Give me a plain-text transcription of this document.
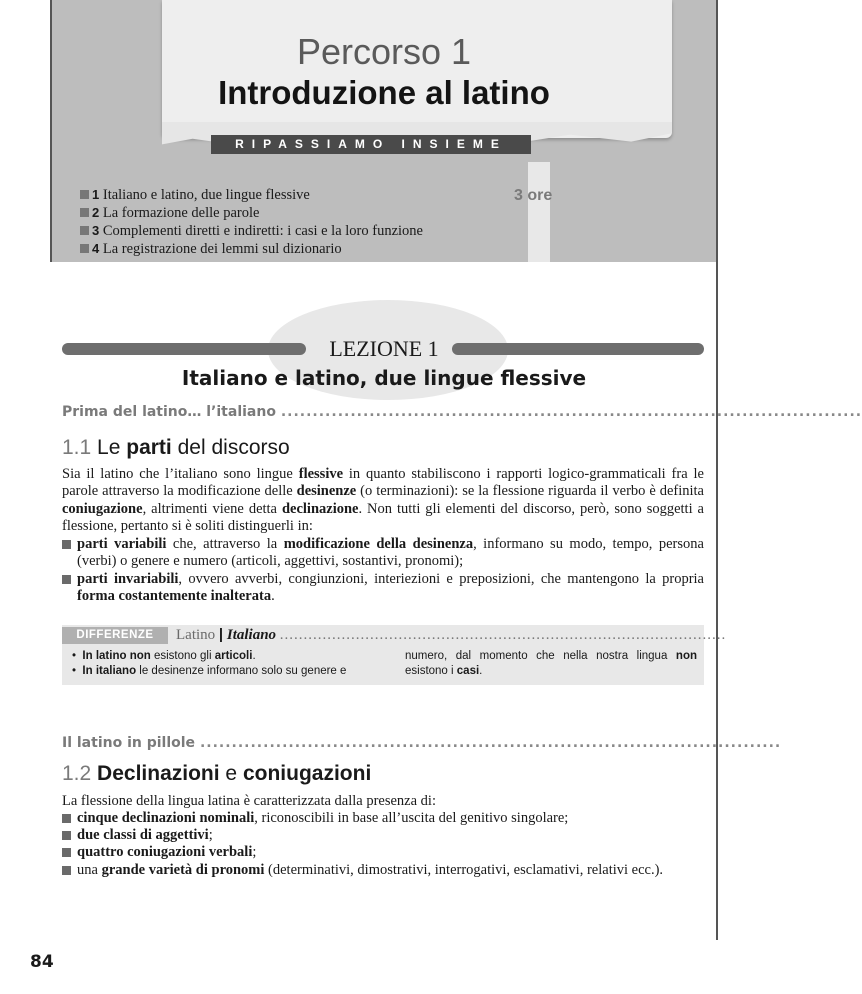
Percorso 1
Introduzione al latino
RIPASSIAMO INSIEME
1 Italiano e latino, due lingue flessive
2 La formazione delle parole
3 Complementi diretti e indiretti: i casi e la loro funzione
4 La registrazione dei lemmi sul dizionario
3 ore
LEZIONE 1
Italiano e latino, due lingue flessive
Prima del latino… l’italiano ............................................................................................
1.1 Le parti del discorso
Sia il latino che l’italiano sono lingue flessive in quanto stabiliscono i rapporti logico-grammaticali fra le parole attraverso la modificazione delle desinenze (o terminazioni): se la flessione riguarda il verbo è definita coniugazione, altrimenti viene detta declinazione. Non tutti gli elementi del discorso, però, sono soggetti a flessione, pertanto si è soliti distinguerli in:
parti variabili che, attraverso la modificazione della desinenza, informano su modo, tempo, persona (verbi) o genere e numero (articoli, aggettivi, sostantivi, pronomi);
parti invariabili, ovvero avverbi, congiunzioni, interiezioni e preposizioni, che mantengono la propria forma costantemente inalterata.
DIFFERENZE	Latino | Italiano ..............................................................................................
•  In latino non esistono gli articoli.
•  In italiano le desinenze informano solo su genere e
numero, dal momento che nella nostra lingua non
esistono i casi.
Il latino in pillole ............................................................................................
1.2 Declinazioni e coniugazioni
La flessione della lingua latina è caratterizzata dalla presenza di:
cinque declinazioni nominali, riconoscibili in base all’uscita del genitivo singolare;
due classi di aggettivi;
quattro coniugazioni verbali;
una grande varietà di pronomi (determinativi, dimostrativi, interrogativi, esclamativi, relativi ecc.).
84
